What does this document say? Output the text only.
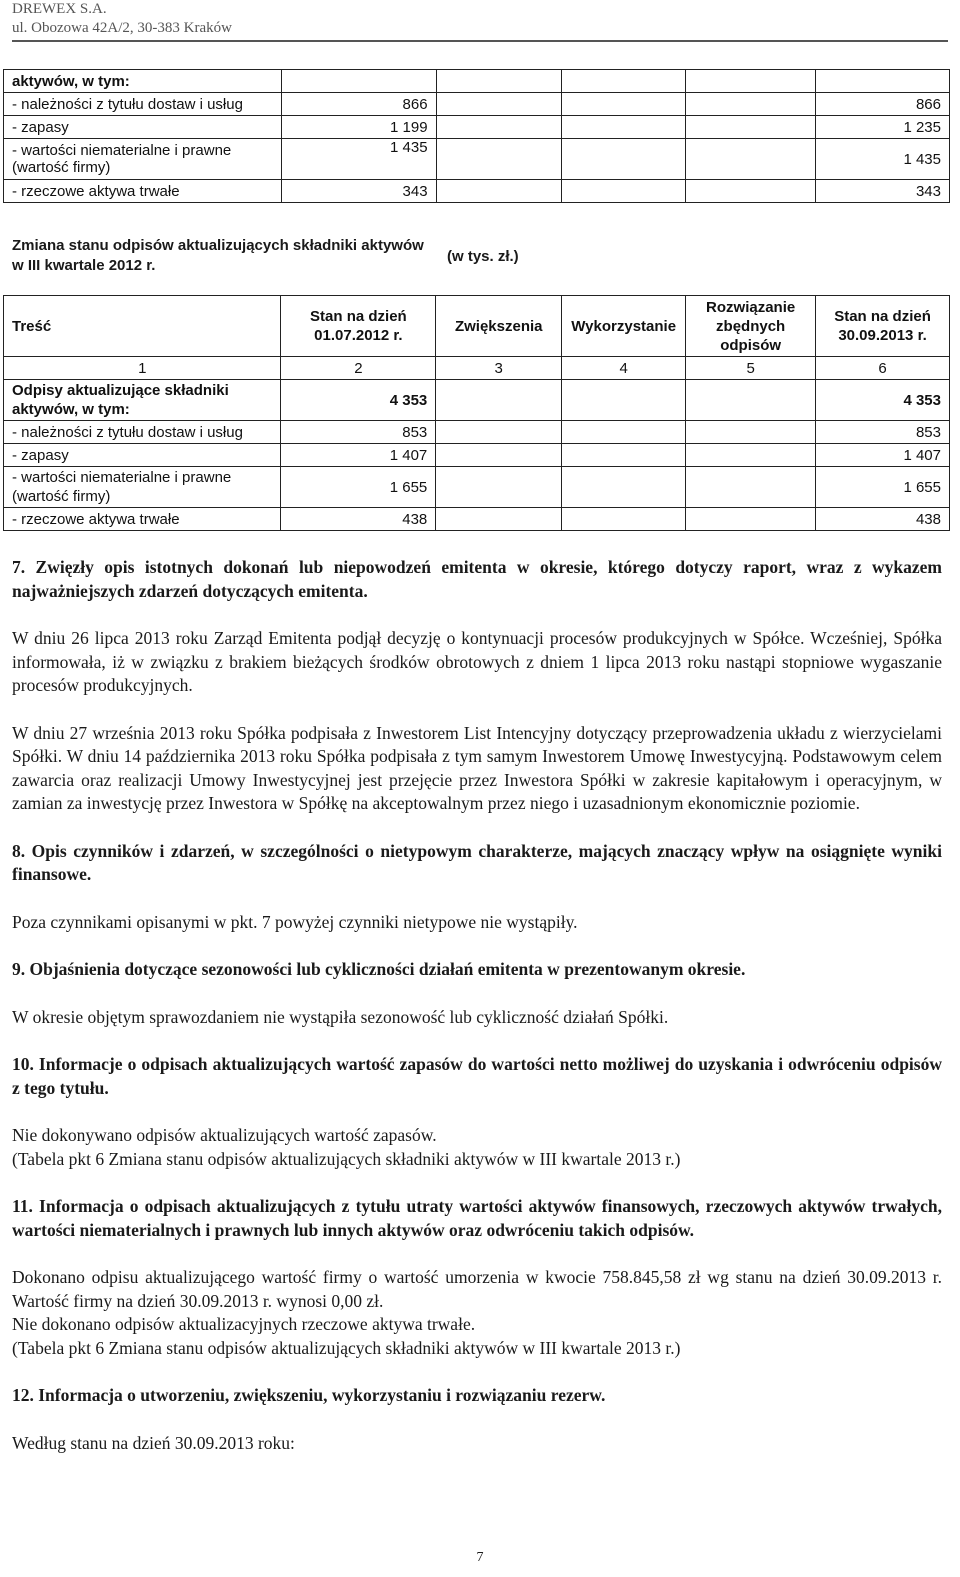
DREWEX S.A.
ul. Obozowa 42A/2, 30-383 Kraków
aktywów, w tym:					
- należności z tytułu dostaw i usług	866				866
- zapasy	1 199				1 235
- wartości niematerialne i prawne (wartość firmy)	1 435				1 435
- rzeczowe aktywa trwałe	343				343
Zmiana stanu odpisów aktualizujących składniki aktywów w III kwartale 2012 r.
(w tys. zł.)
Treść	Stan na dzień 01.07.2012 r.	Zwiększenia	Wykorzystanie	Rozwiązanie zbędnych odpisów	Stan na dzień 30.09.2013 r.
1	2	3	4	5	6
Odpisy aktualizujące składniki aktywów, w tym:	4 353				4 353
- należności z tytułu dostaw i usług	853				853
- zapasy	1 407				1 407
- wartości niematerialne i prawne (wartość firmy)	1 655				1 655
- rzeczowe aktywa trwałe	438				438
7. Zwięzły opis istotnych dokonań lub niepowodzeń emitenta w okresie, którego dotyczy raport, wraz z wykazem najważniejszych zdarzeń dotyczących emitenta.

W dniu 26 lipca 2013 roku Zarząd Emitenta podjął decyzję o kontynuacji procesów produkcyjnych w Spółce. Wcześniej, Spółka informowała, iż w związku z brakiem bieżących środków obrotowych z dniem 1 lipca 2013 roku nastąpi stopniowe wygaszanie procesów produkcyjnych.

W dniu 27 września 2013 roku Spółka podpisała z Inwestorem List Intencyjny dotyczący przeprowadzenia układu z wierzycielami Spółki. W dniu 14 października 2013 roku Spółka podpisała z tym samym Inwestorem Umowę Inwestycyjną. Podstawowym celem zawarcia oraz realizacji Umowy Inwestycyjnej jest przejęcie przez Inwestora Spółki w zakresie kapitałowym i operacyjnym, w zamian za inwestycję przez Inwestora w Spółkę na akceptowalnym przez niego i uzasadnionym ekonomicznie poziomie.

8. Opis czynników i zdarzeń, w szczególności o nietypowym charakterze, mających znaczący wpływ na osiągnięte wyniki finansowe.

Poza czynnikami opisanymi w pkt. 7 powyżej czynniki nietypowe nie wystąpiły.

9. Objaśnienia dotyczące sezonowości lub cykliczności działań emitenta w prezentowanym okresie.

W okresie objętym sprawozdaniem nie wystąpiła sezonowość lub cykliczność działań Spółki.

10. Informacje o odpisach aktualizujących wartość zapasów do wartości netto możliwej do uzyskania i odwróceniu odpisów z tego tytułu.

Nie dokonywano odpisów aktualizujących wartość zapasów.

(Tabela pkt 6 Zmiana stanu odpisów aktualizujących składniki aktywów w III kwartale 2013 r.)

11. Informacja o odpisach aktualizujących z tytułu utraty wartości aktywów finansowych, rzeczowych aktywów trwałych, wartości niematerialnych i prawnych lub innych aktywów oraz odwróceniu takich odpisów.

Dokonano odpisu aktualizującego wartość firmy o wartość umorzenia w kwocie 758.845,58 zł wg stanu na dzień 30.09.2013 r. Wartość firmy na dzień 30.09.2013 r. wynosi 0,00 zł.

Nie dokonano odpisów aktualizacyjnych rzeczowe aktywa trwałe.

(Tabela pkt 6 Zmiana stanu odpisów aktualizujących składniki aktywów w III kwartale 2013 r.)

12. Informacja o utworzeniu, zwiększeniu, wykorzystaniu i rozwiązaniu rezerw.

Według stanu na dzień 30.09.2013 roku:

7
